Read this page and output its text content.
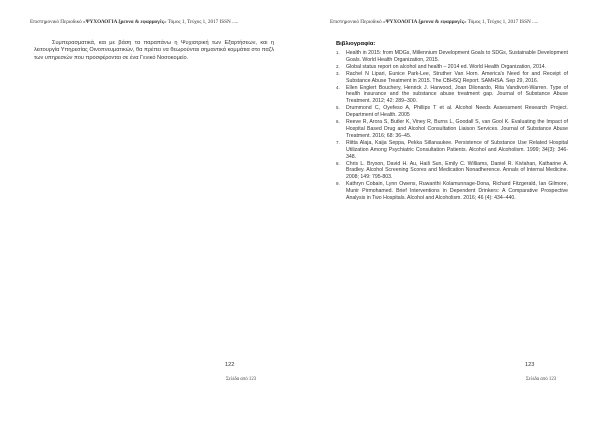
Επιστημονικό Περιοδικό «ΨΥΧΟΛΟΓΙΑ ξρευνα & εφαρμογές» Τόμος 1, Τεύχος 1, 2017 ISSN .....

Συμπερασματικά, και με βάση τα παραπάνω η Ψυχιατρική των Εξαρτήσεων, και η λειτουργία Υπηρεσίας Οινοπνευματικών, θα πρέπει να θεωρούνται σημαντικά κομμάτια στο παζλ των υπηρεσιών που προσφέρονται σε ένα Γενικό Νοσοκομείο.

122
Σελίδα από 123
Επιστημονικό Περιοδικό «ΨΥΧΟΛΟΓΙΑ ξρευνα & εφαρμογές» Τόμος 1, Τεύχος 1, 2017 ISSN .....
Βιβλιογραφία:
1.	Health in 2015: from MDGs, Millennium Development Goals to SDGs, Sustainable Development Goals. World Health Organization, 2015.
2.	Global status report on alcohol and health – 2014 ed. World Health Organization, 2014.
3.	Rachel N Lipari, Eunice Park-Lee, Struther Van Horn. America's Need for and Receipt of Substance Abuse Treatment in 2015. The CBHSQ Report. SAMHSA. Sep 29, 2016.
4.	Ellen Englert Bouchery, Henrick J. Harwood, Joan Dilonardo, Rita Vandivort-Warren. Type of health insurance and the substance abuse treatment gap. Journal of Substance Abuse Treatment. 2012; 42: 289–300.
5.	Drummond C, Oyefeso A, Phillips T et al. Alcohol Needs Assessment Research Project. Department of Health. 2005
6.	Reeve R, Arora S, Butler K, Viney R, Burns L, Goodall S, van Gool K. Evaluating the Impact of Hospital Based Drug and Alcohol Consultation Liaison Services. Journal of Substance Abuse Treatment. 2016; 68: 36–45.
7.	Riitta Alaja, Kaija Seppa, Pekka Sillanaukee. Persistence of Substance Use Related Hospital Utilization Among Psychiatric Consultation Patients. Alcohol and Alcoholism. 1999; 34(3): 346-348.
8.	Chris L. Bryson, David H. Au, Haili Sun, Emily C. Williams, Daniel R. Kivlahan, Katharine A. Bradley. Alcohol Screening Scores and Medication Nonadherence. Annals of Internal Medicine. 2008; 149: 795-803.
9.	Kathryn Cobain, Lynn Owens, Ruwanthi Kolamunnage-Dona, Richard Fitzgerald, Ian Gilmore, Munir Pirmohamed. Brief Interventions in Dependent Drinkers: A Comparative Prospective Analysis in Two Hospitals. Alcohol and Alcoholism. 2016; 46 (4): 434–440.
123
Σελίδα από 123
